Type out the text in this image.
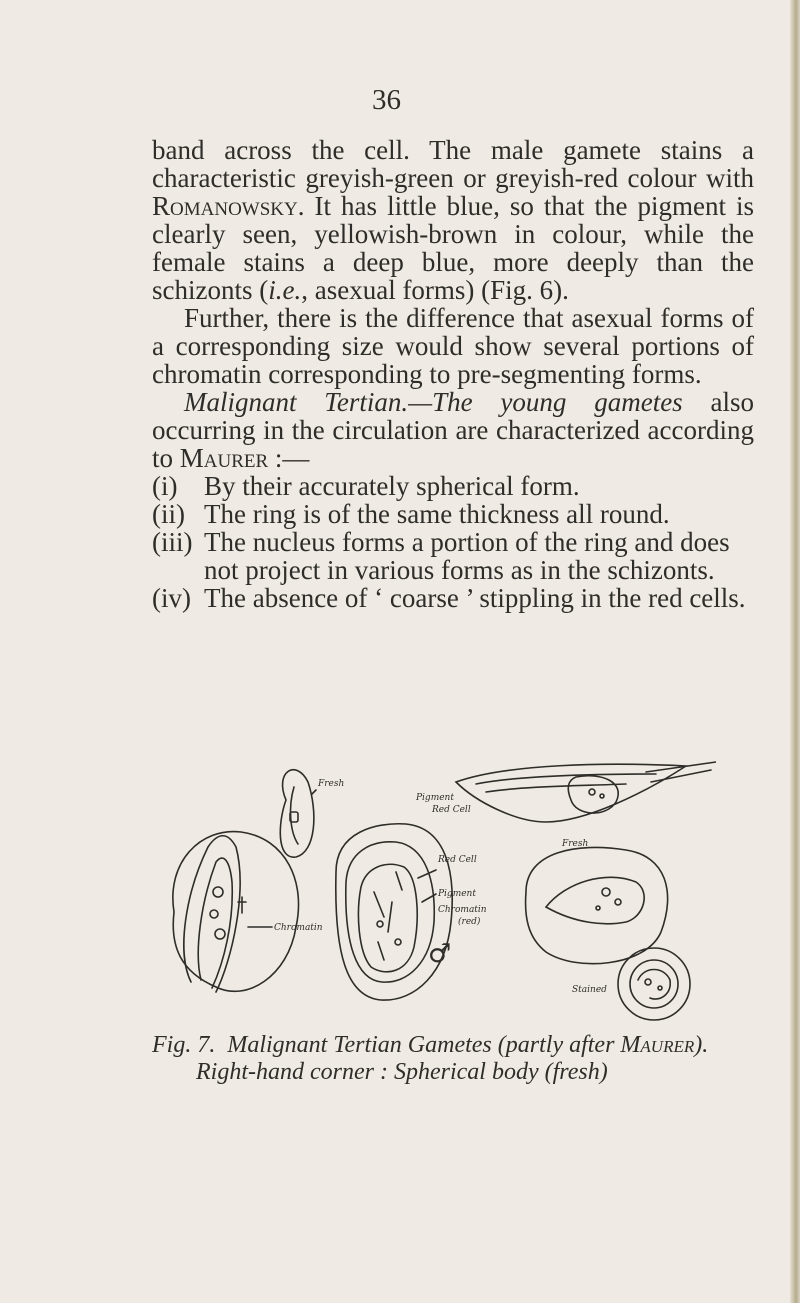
36

band across the cell. The male gamete stains a characteristic greyish-green or greyish-red colour with Romanowsky. It has little blue, so that the pigment is clearly seen, yellowish-brown in colour, while the female stains a deep blue, more deeply than the schizonts (i.e., asexual forms) (Fig. 6).

Further, there is the difference that asexual forms of a corresponding size would show several portions of chromatin corresponding to pre-segmenting forms.

Malignant Tertian.—The young gametes also occurring in the circulation are characterized according to Maurer :—

(i) By their accurately spherical form.
(ii) The ring is of the same thickness all round.
(iii) The nucleus forms a portion of the ring and does not project in various forms as in the schizonts.
(iv) The absence of ‘ coarse ’ stippling in the red cells.
Fresh
Chromatin
Pigment
Red Cell
Red Cell
Pigment
Chromatin
(red)
♂
Fresh
Stained
Fig. 7. Malignant Tertian Gametes (partly after Maurer).
Right-hand corner : Spherical body (fresh)
